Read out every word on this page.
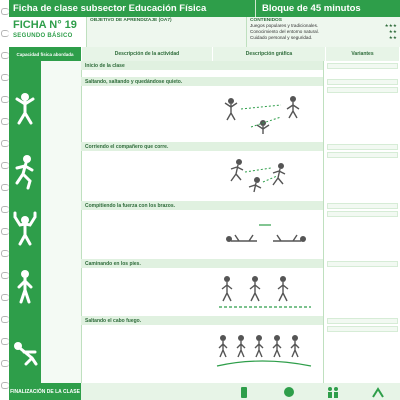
Ficha de clase subsector Educación Física	Bloque de 45 minutos
FICHA N° 19
SEGUNDO BÁSICO
OBJETIVO DE APRENDIZAJE (OA7)	CONTENIDOS
Juegos populares y tradicionales.	★★★
Conocimiento del entorno natural.	★★
Cuidado personal y seguridad.	★★
Capacidad física abordada	Descripción de la actividad	Descripción gráfica	Variantes
Inicio de la clase
Saltando, saltando y quedándose quieto.
Corriendo el compañero que corre.
Compitiendo la fuerza con los brazos.
Caminando en los pies.
Saltando el cabo fuego.
FINALIZACIÓN DE LA CLASE
